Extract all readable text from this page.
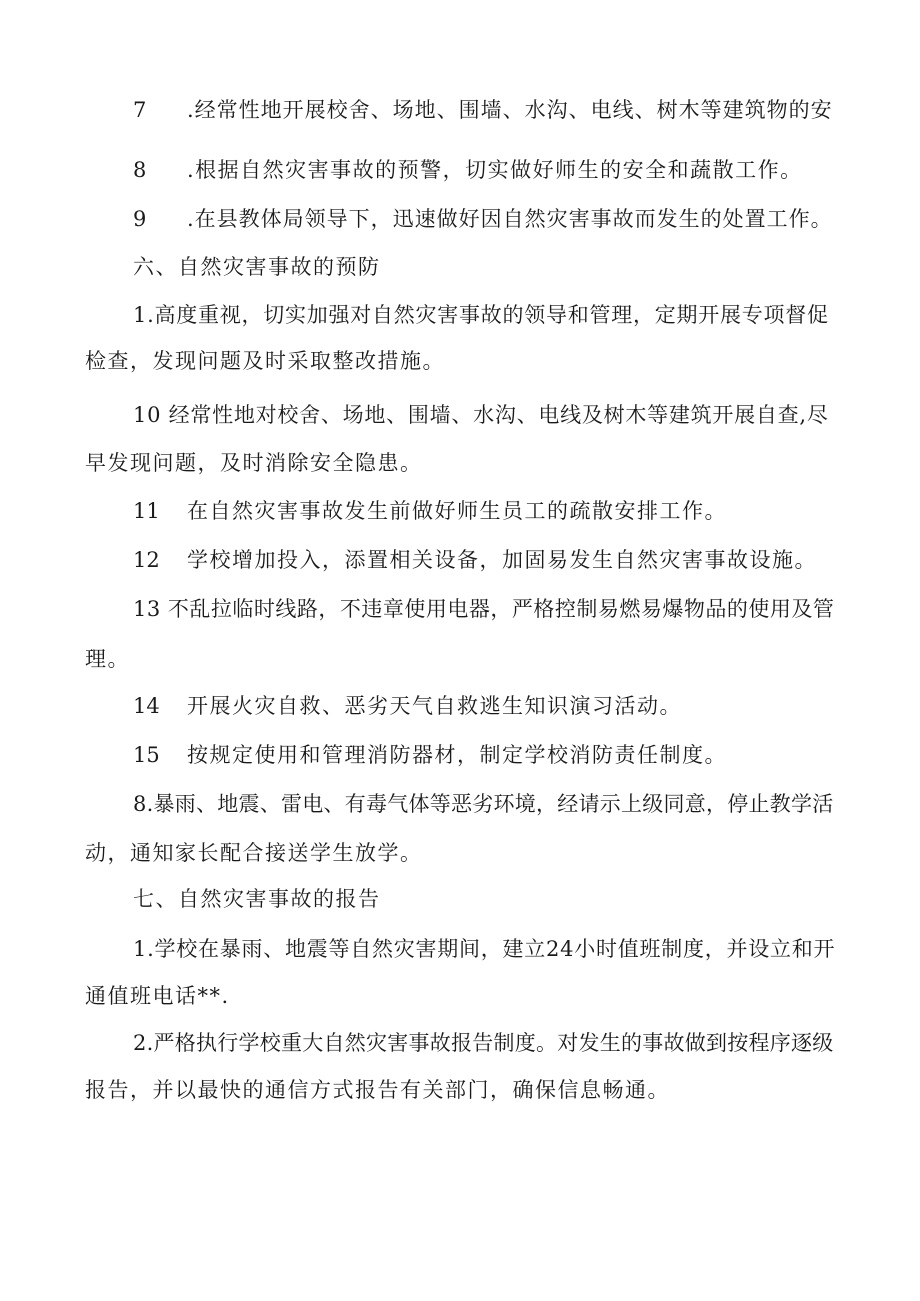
7 .经常性地开展校舍、场地、围墙、水沟、电线、树木等建筑物的安
8 .根据自然灾害事故的预警，切实做好师生的安全和蔬散工作。
9 .在县教体局领导下，迅速做好因自然灾害事故而发生的处置工作。
六、自然灾害事故的预防
1.高度重视，切实加强对自然灾害事故的领导和管理，定期开展专项督促
检查，发现问题及时采取整改措施。
10 经常性地对校舍、场地、围墙、水沟、电线及树木等建筑开展自查,尽
早发现问题，及时消除安全隐患。
11 在自然灾害事故发生前做好师生员工的疏散安排工作。
12 学校增加投入，添置相关设备，加固易发生自然灾害事故设施。
13 不乱拉临时线路，不违章使用电器，严格控制易燃易爆物品的使用及管
理。
14 开展火灾自救、恶劣天气自救逃生知识演习活动。
15 按规定使用和管理消防器材，制定学校消防责任制度。
8.暴雨、地震、雷电、有毒气体等恶劣环境，经请示上级同意，停止教学活
动，通知家长配合接送学生放学。
七、自然灾害事故的报告
1.学校在暴雨、地震等自然灾害期间，建立24小时值班制度，并设立和开
通值班电话**.
2.严格执行学校重大自然灾害事故报告制度。对发生的事故做到按程序逐级
报告，并以最快的通信方式报告有关部门，确保信息畅通。
